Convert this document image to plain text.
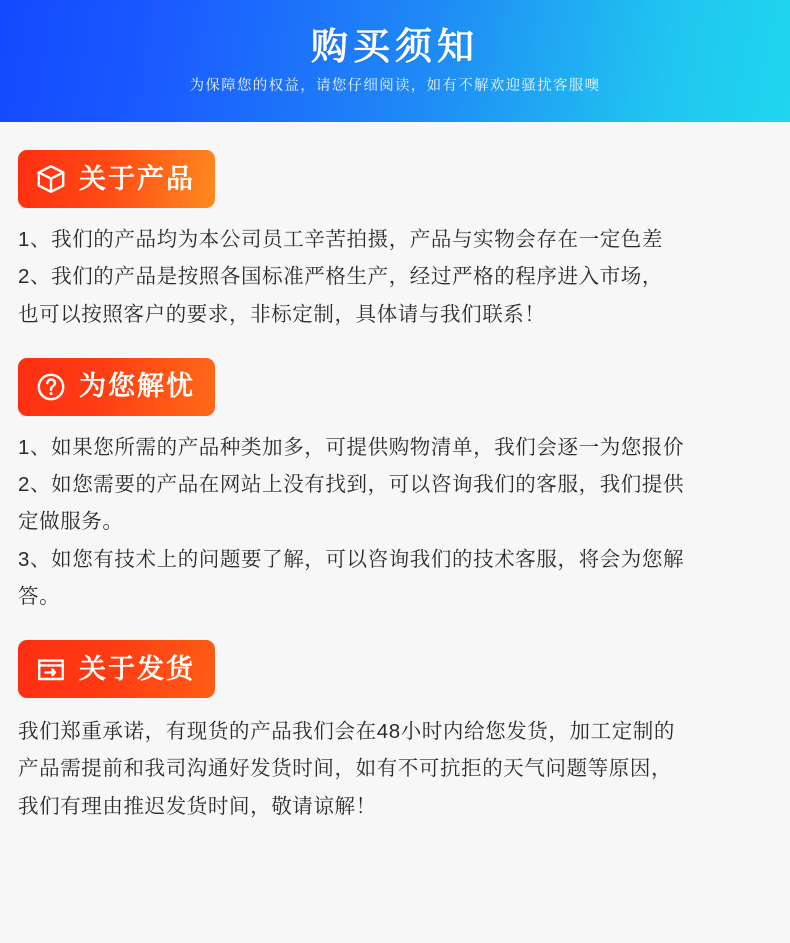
购买须知
为保障您的权益，请您仔细阅读，如有不解欢迎骚扰客服噢
关于产品

1、我们的产品均为本公司员工辛苦拍摄，产品与实物会存在一定色差

2、我们的产品是按照各国标准严格生产，经过严格的程序进入市场，

也可以按照客户的要求，非标定制，具体请与我们联系！

为您解忧

1、如果您所需的产品种类加多，可提供购物清单，我们会逐一为您报价

2、如您需要的产品在网站上没有找到，可以咨询我们的客服，我们提供

定做服务。

3、如您有技术上的问题要了解，可以咨询我们的技术客服，将会为您解

答。

关于发货

我们郑重承诺，有现货的产品我们会在48小时内给您发货，加工定制的

产品需提前和我司沟通好发货时间，如有不可抗拒的天气问题等原因，

我们有理由推迟发货时间，敬请谅解！
